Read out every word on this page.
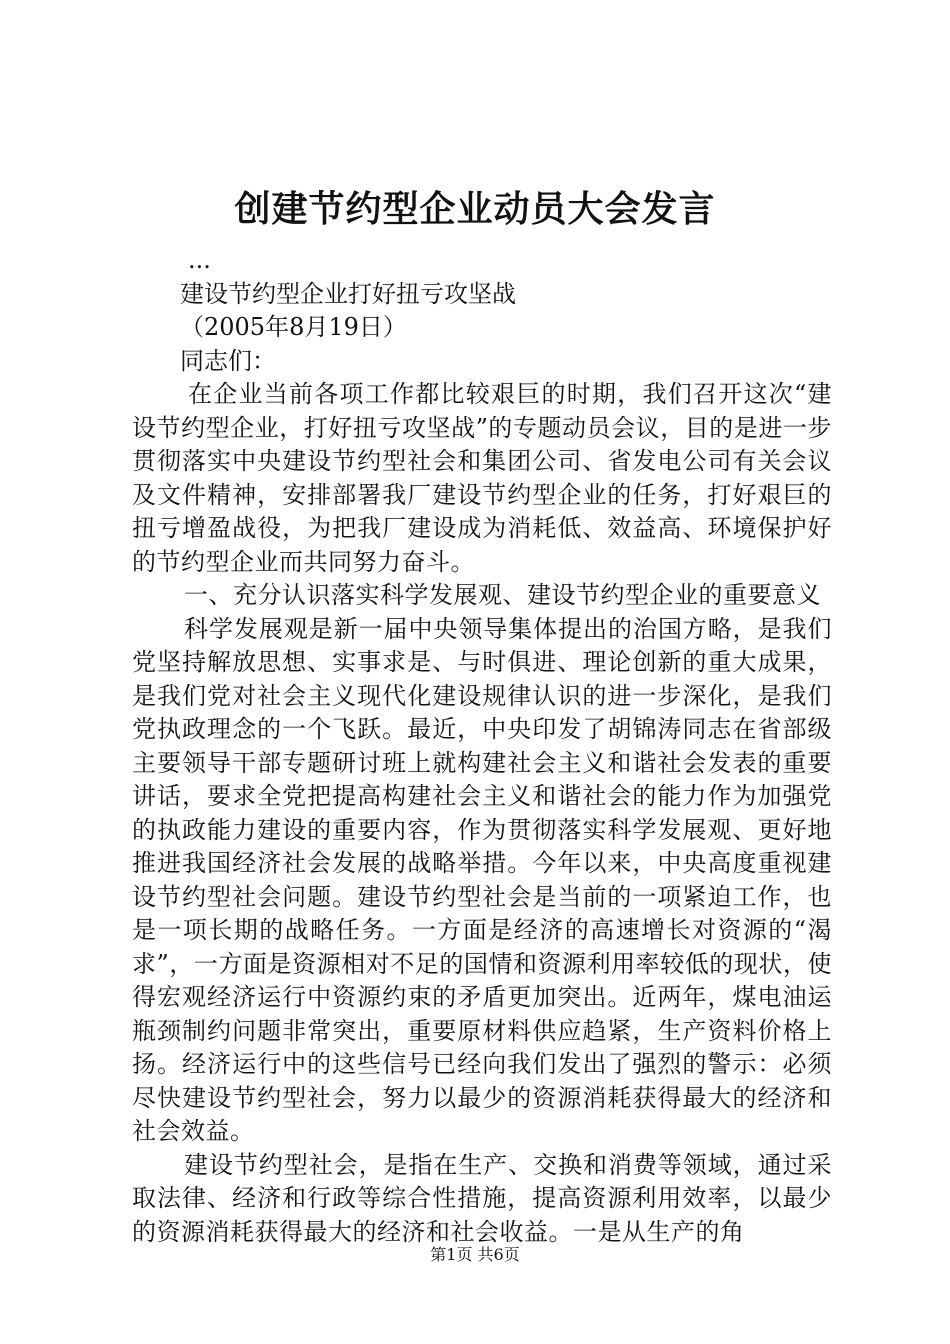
创建节约型企业动员大会发言
...
建设节约型企业打好扭亏攻坚战
（2005年8月19日）
同志们：
在企业当前各项工作都比较艰巨的时期，我们召开这次“建设节约型企业，打好扭亏攻坚战”的专题动员会议，目的是进一步贯彻落实中央建设节约型社会和集团公司、省发电公司有关会议及文件精神，安排部署我厂建设节约型企业的任务，打好艰巨的扭亏增盈战役，为把我厂建设成为消耗低、效益高、环境保护好的节约型企业而共同努力奋斗。
一、充分认识落实科学发展观、建设节约型企业的重要意义
科学发展观是新一届中央领导集体提出的治国方略，是我们党坚持解放思想、实事求是、与时俱进、理论创新的重大成果，是我们党对社会主义现代化建设规律认识的进一步深化，是我们党执政理念的一个飞跃。最近，中央印发了胡锦涛同志在省部级主要领导干部专题研讨班上就构建社会主义和谐社会发表的重要讲话，要求全党把提高构建社会主义和谐社会的能力作为加强党的执政能力建设的重要内容，作为贯彻落实科学发展观、更好地推进我国经济社会发展的战略举措。今年以来，中央高度重视建设节约型社会问题。建设节约型社会是当前的一项紧迫工作，也是一项长期的战略任务。一方面是经济的高速增长对资源的“渴求”，一方面是资源相对不足的国情和资源利用率较低的现状，使得宏观经济运行中资源约束的矛盾更加突出。近两年，煤电油运瓶颈制约问题非常突出，重要原材料供应趋紧，生产资料价格上扬。经济运行中的这些信号已经向我们发出了强烈的警示：必须尽快建设节约型社会，努力以最少的资源消耗获得最大的经济和社会效益。
建设节约型社会，是指在生产、交换和消费等领域，通过采取法律、经济和行政等综合性措施，提高资源利用效率，以最少的资源消耗获得最大的经济和社会收益。一是从生产的角
第1页 共6页
